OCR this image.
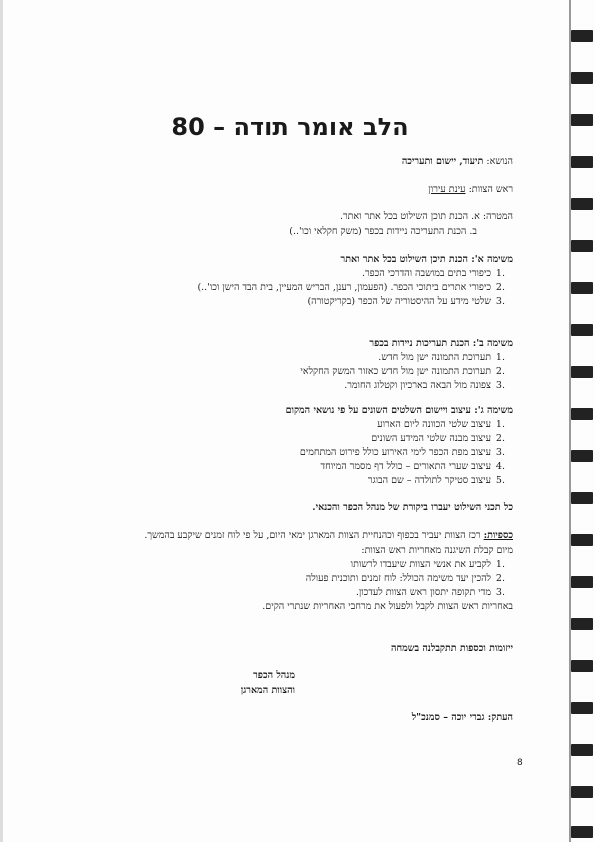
הלב אומר תודה – 80
הנושא: תיעוד, יישום ותעריכה
ראש הצוות: עינת עירון
המטרה: א. הכנת תוכן השילוט בכל אתר ואתר.
ב. הכנת התעריכה ניידות בכפר (משק חקלאי וכו'..)
משימה א': הכנת תיכן השילוט בכל אתר ואתר
.1כיפורי בתים במושבה והדרכי הכפר.
.2כיפורי אתרים ביתוכי הכפר. (הפעמון, רענן, הבריש המעיין, בית הבד הישן וכו'..)
.3שלטי מידע על ההיסטוריה של הכפר (בקריקטורה)
משימה ב': הכנת תעריכות ניידות בכפר
.1תערוכת התמונה ישן מול חדש.
.2תערוכת התמונה ישן מול חדש כאזור המשק החקלאי
.3צפונה מול הבאה בארכיון וקטלוג החומר.
משימה ג': עיצוב ויישום השלטים השונים על פי נושאי המקום
.1עיצוב שלטי הכוונה ליום הארוע
.2עיצוב מבנה שלטי המידע השונים
.3עיצוב מפת הכפר לימי האירוע כולל פירוט המתחמים
.4עיצוב שערי התאורים – כולל דף מסמר המיוחד
.5עיצוב סטיקר לתולדה – שם הבוגר
כל תכני השילוט יעברו ביקורת של מנהל הכפר והכנאי.
כספיות: רכז הצוות יעביר בכפוף וכהנחיית הצוות המארגן ימאי היום, על פי לוח זמנים שיקבע בהמשך.
מיום קבלת השיגנה מאחריות ראש הצוות:
.1לקביע את אנשי הצוות שיעבדו לרשותו
.2להכין יעד משימה הכולל: לוח זמנים ותוכנית פעולה
.3מדי תקופה יתסון ראש הצוות לעדכון.
באחריות ראש הצוות לקבל ולפעול את מרחבי האחריות שנתרי הקים.
ייזומות וכספות תתקבלנה בשמחה
מנהל הכפר
והצוות המארגן
העתק: גברי יוכה – סמנכ"ל
8
